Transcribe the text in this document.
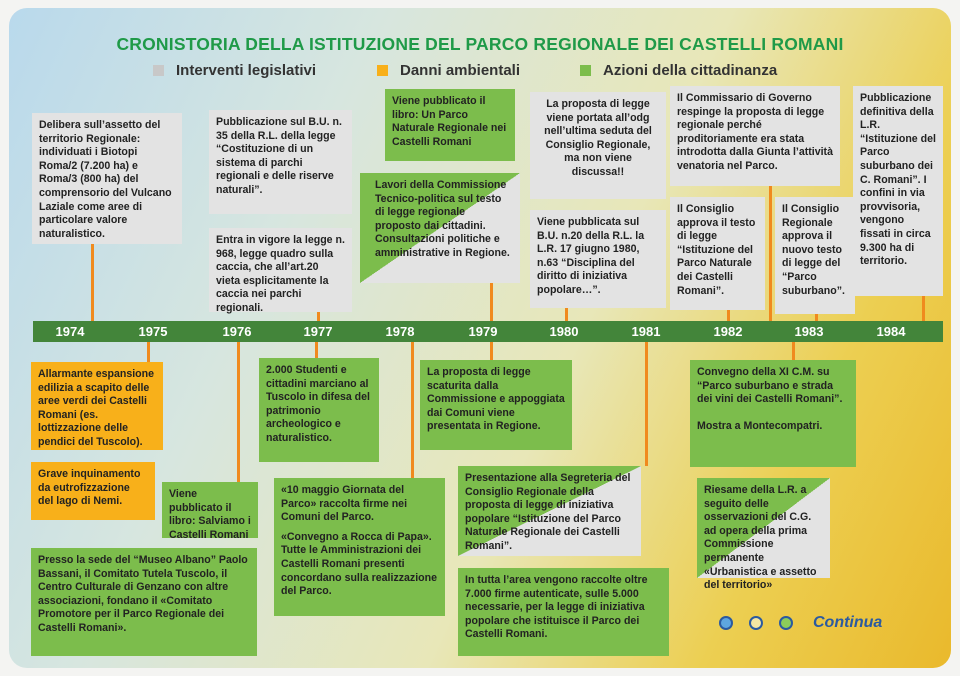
CRONISTORIA DELLA ISTITUZIONE DEL PARCO REGIONALE DEI CASTELLI ROMANI
Interventi legislativi	Danni ambientali	Azioni della cittadinanza
1974	1975	1976	1977	1978	1979	1980	1981	1982	1983	1984
Delibera sull’assetto del territorio Regionale: individuati i Biotopi Roma/2 (7.200 ha) e Roma/3 (800 ha) del comprensorio del Vulcano Laziale come aree di particolare valore naturalistico.
Pubblicazione sul B.U. n. 35 della R.L. della legge “Costituzione di un sistema di parchi regionali e delle riserve naturali”.
Entra in vigore la legge n. 968, legge quadro sulla caccia, che all’art.20 vieta esplicitamente la caccia nei parchi regionali.
Viene pubblicato il libro: Un Parco Naturale Regionale nei Castelli Romani
Lavori della Commissione Tecnico-politica sul testo di legge regionale proposto dai cittadini. Consultazioni politiche e amministrative in Regione.
La proposta di legge viene portata all’odg nell’ultima seduta del Consiglio Regionale, ma non viene discussa!!
Viene pubblicata sul B.U. n.20 della R.L. la L.R. 17 giugno 1980, n.63 “Disciplina del diritto di iniziativa popolare…”.
Il Commissario di Governo respinge la proposta di legge regionale perché proditoriamente era stata introdotta dalla Giunta l’attività venatoria nel Parco.
Il Consiglio approva il testo di legge “Istituzione del Parco Naturale dei Castelli Romani”.
Il Consiglio Regionale approva il nuovo testo di legge del “Parco suburbano”.
Pubblicazione definitiva della L.R. “Istituzione del Parco suburbano dei C. Romani”. I confini in via provvisoria, vengono fissati in circa 9.300 ha di territorio.
Allarmante espansione edilizia a scapito delle aree verdi dei Castelli Romani (es. lottizzazione delle pendici del Tuscolo).
Grave inquinamento da eutrofizzazione del lago di Nemi.
Presso la sede del “Museo Albano” Paolo Bassani, il Comitato Tutela Tuscolo, il Centro Culturale di Genzano con altre associazioni, fondano il «Comitato Promotore per il Parco Regionale dei Castelli Romani».
Viene pubblicato il libro: Salviamo i Castelli Romani
2.000 Studenti e cittadini marciano al Tuscolo in difesa del patrimonio archeologico e naturalistico.
«10 maggio Giornata del Parco» raccolta firme nei Comuni del Parco.
«Convegno a Rocca di Papa». Tutte le Amministrazioni dei Castelli Romani presenti concordano sulla realizzazione del Parco.
La proposta di legge scaturita dalla Commissione e appoggiata dai Comuni viene presentata in Regione.
Presentazione alla Segreteria del Consiglio Regionale della proposta di legge di iniziativa popolare “Istituzione del Parco Naturale Regionale dei Castelli Romani”.
In tutta l’area vengono raccolte oltre 7.000 firme autenticate, sulle 5.000 necessarie, per la legge di iniziativa popolare che istituisce il Parco dei Castelli Romani.
Convegno della XI C.M. su “Parco suburbano e strada dei vini dei Castelli Romani”.
Mostra a Montecompatri.
Riesame della L.R. a seguito delle osservazioni del C.G. ad opera della prima Commissione permanente «Urbanistica e assetto del territorio»
Continua
